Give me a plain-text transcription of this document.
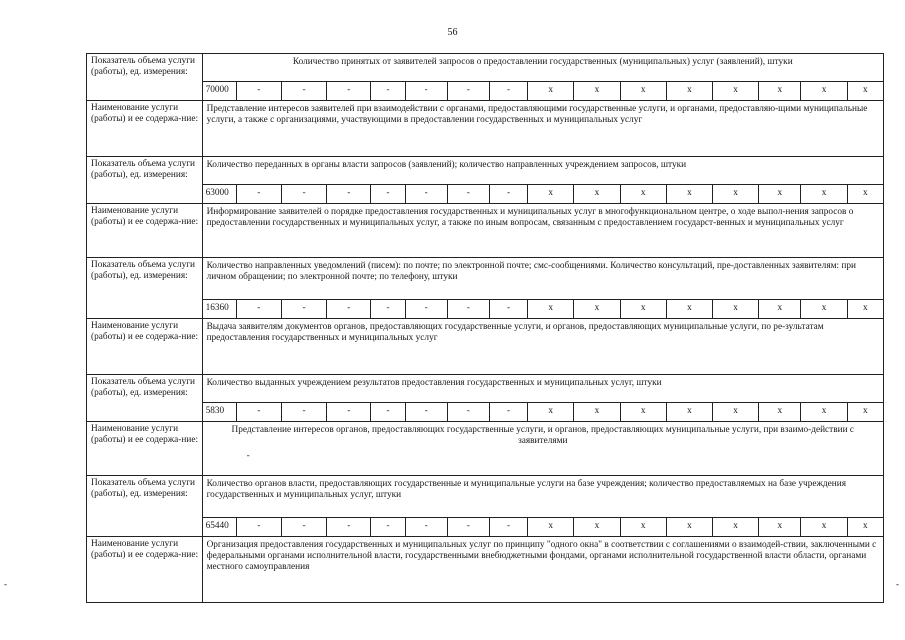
56
Показатель объема услуги (работы), ед. измерения:	Количество принятых от заявителей запросов о предоставлении государственных (муниципальных) услуг (заявлений), штуки															
	70000	-	-	-	-	-	-	-	х	х	х	х	х	х	х	х
Наименование услуги (работы) и ее содержа-ние:	Представление интересов заявителей при взаимодействии с органами, предоставляющими государственные услуги, и органами, предоставляю-щими муниципальные услуги, а также с организациями, участвующими в предоставлении государственных и муниципальных услуг															
Показатель объема услуги (работы), ед. измерения:	Количество переданных в органы власти запросов (заявлений); количество направленных учреждением запросов, штуки															
	63000	-	-	-	-	-	-	-	х	х	х	х	х	х	х	х
Наименование услуги (работы) и ее содержа-ние:	Информирование заявителей о порядке предоставления государственных и муниципальных услуг в многофункциональном центре, о ходе выпол-нения запросов о предоставлении государственных и муниципальных услуг, а также по иным вопросам, связанным с предоставлением государст-венных и муниципальных услуг															
Показатель объема услуги (работы), ед. измерения:	Количество направленных уведомлений (писем): по почте; по электронной почте; смс-сообщениями. Количество консультаций, пре-доставленных заявителям: при личном обращении; по электронной почте; по телефону, штуки															
	16360	-	-	-	-	-	-	-	х	х	х	х	х	х	х	х
Наименование услуги (работы) и ее содержа-ние:	Выдача заявителям документов органов, предоставляющих государственные услуги, и органов, предоставляющих муниципальные услуги, по ре-зультатам предоставления государственных и муниципальных услуг															
Показатель объема услуги (работы), ед. измерения:	Количество выданных учреждением результатов предоставления государственных и муниципальных услуг, штуки															
	5830	-	-	-	-	-	-	-	х	х	х	х	х	х	х	х
Наименование услуги (работы) и ее содержа-ние:	Представление интересов органов, предоставляющих государственные услуги, и органов, предоставляющих муниципальные услуги, при взаимо-действии с заявителями
-															

Показатель объема услуги (работы), ед. измерения:	Количество органов власти, предоставляющих государственные и муниципальные услуги на базе учреждения; количество предоставляемых на базе учреждения государственных и муниципальных услуг, штуки															
	65440	-	-	-	-	-	-	-	х	х	х	х	х	х	х	х
Наименование услуги (работы) и ее содержа-ние:	Организация предоставления государственных и муниципальных услуг по принципу "одного окна" в соответствии с соглашениями о взаимодей-ствии, заключенными с федеральными органами исполнительной власти, государственными внебюджетными фондами, органами исполнительной государственной власти области, органами местного самоуправления															
-	-
